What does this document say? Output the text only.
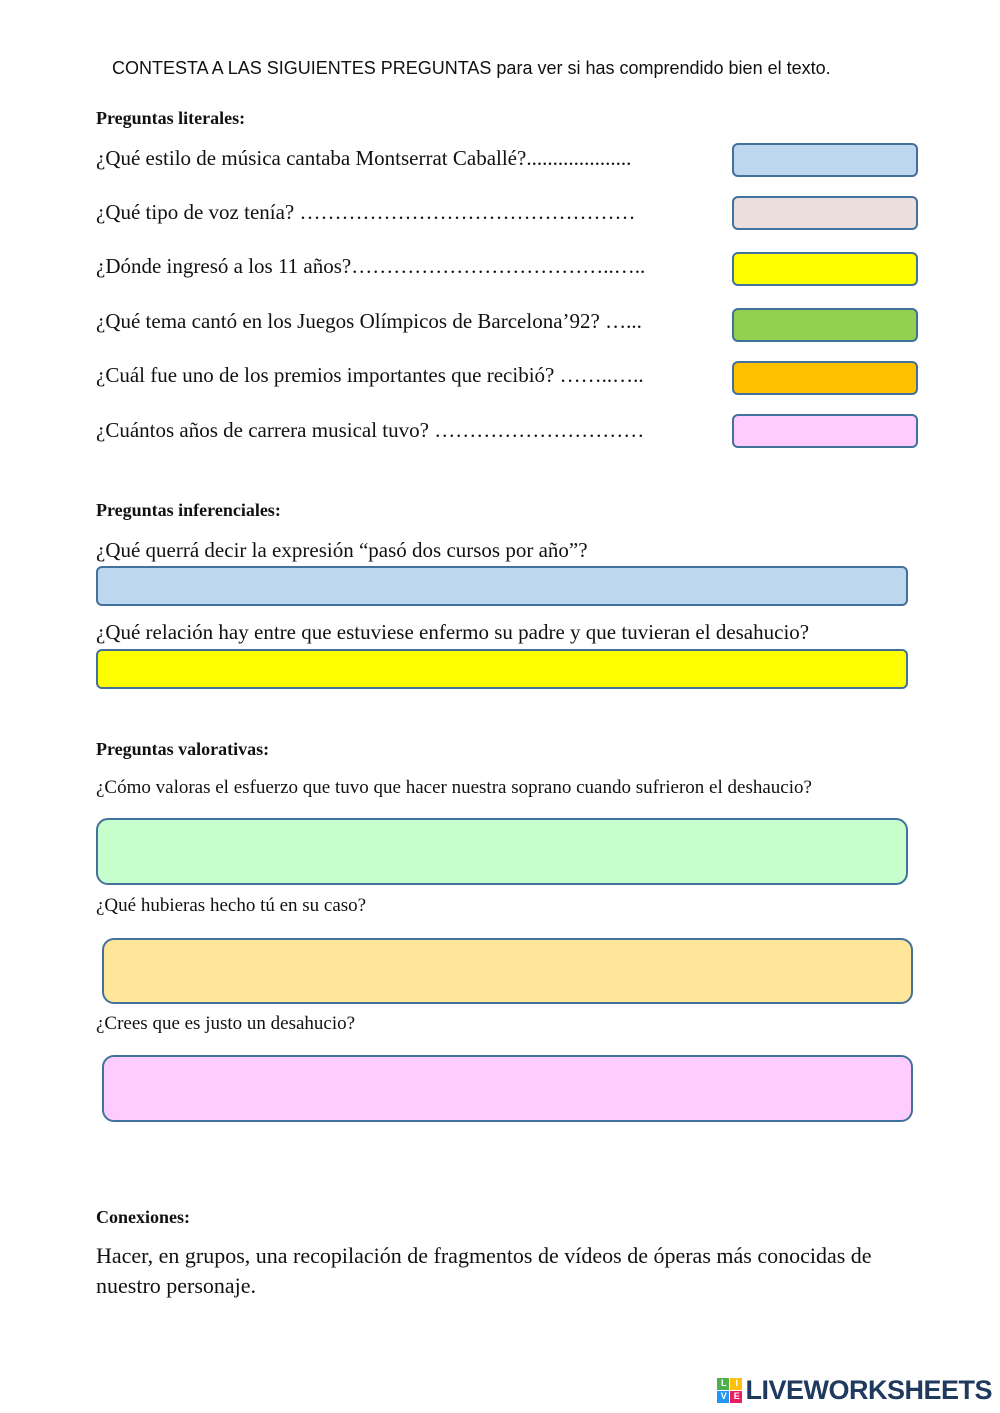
CONTESTA A LAS SIGUIENTES PREGUNTAS para ver si has comprendido bien el texto.
Preguntas literales:
¿Qué estilo de música cantaba Montserrat Caballé?....................
¿Qué tipo de voz tenía? …………………………………………
¿Dónde ingresó a los 11 años?………………………………..…..
¿Qué tema cantó en los Juegos Olímpicos de Barcelona’92? …...
¿Cuál fue uno de los premios importantes que recibió? ……..…..
¿Cuántos años de carrera musical tuvo? …………………………
Preguntas inferenciales:
¿Qué querrá decir la expresión “pasó dos cursos por año”?
¿Qué relación hay entre que estuviese enfermo su padre y que tuvieran el desahucio?
Preguntas valorativas:
¿Cómo valoras el esfuerzo que tuvo que hacer nuestra soprano cuando sufrieron el deshaucio?
¿Qué hubieras hecho tú en su caso?
¿Crees que es justo un desahucio?
Conexiones:
Hacer, en grupos, una recopilación de fragmentos de vídeos de óperas más conocidas de nuestro personaje.
L	I
V E LIVEWORKSHEETS
